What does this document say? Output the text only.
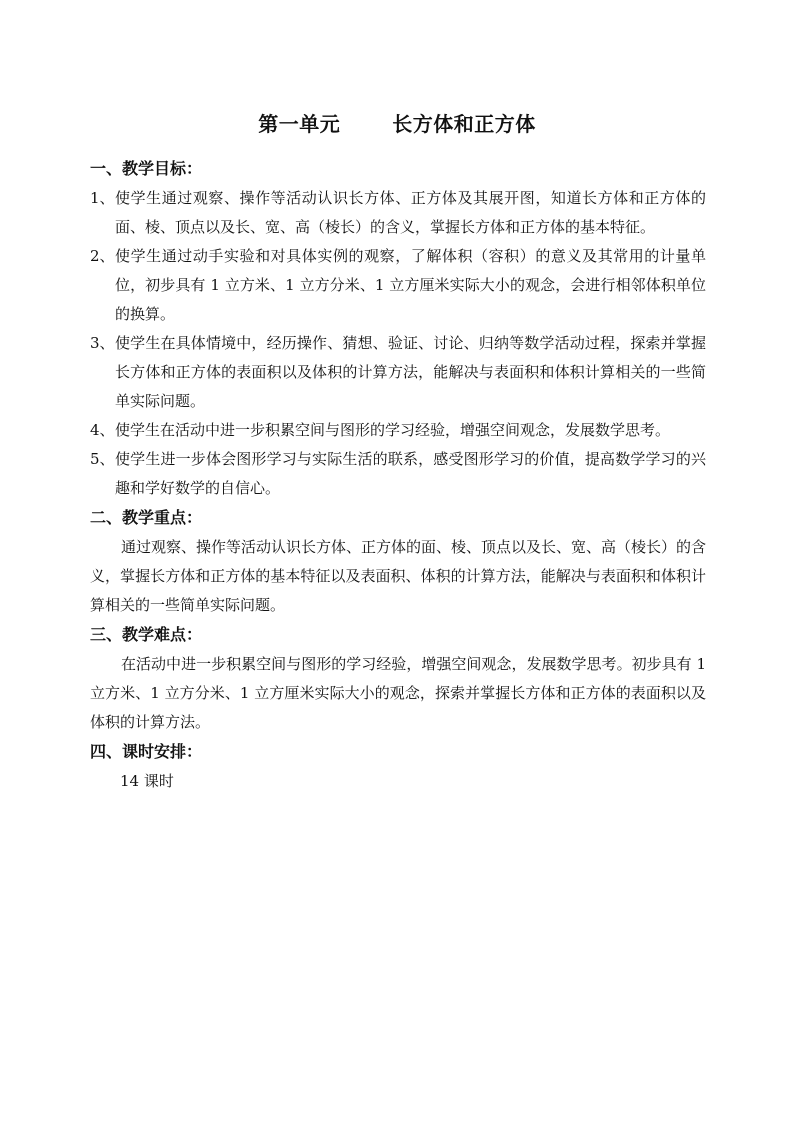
第一单元	长方体和正方体
一、教学目标：
1、 使学生通过观察、操作等活动认识长方体、正方体及其展开图，知道长方体和正方体的面、棱、顶点以及长、宽、高（棱长）的含义，掌握长方体和正方体的基本特征。
2、 使学生通过动手实验和对具体实例的观察，了解体积（容积）的意义及其常用的计量单位，初步具有 1 立方米、1 立方分米、1 立方厘米实际大小的观念，会进行相邻体积单位的换算。
3、 使学生在具体情境中，经历操作、猜想、验证、讨论、归纳等数学活动过程，探索并掌握长方体和正方体的表面积以及体积的计算方法，能解决与表面积和体积计算相关的一些简单实际问题。
4、 使学生在活动中进一步积累空间与图形的学习经验，增强空间观念，发展数学思考。
5、 使学生进一步体会图形学习与实际生活的联系，感受图形学习的价值，提高数学学习的兴趣和学好数学的自信心。
二、教学重点：
通过观察、操作等活动认识长方体、正方体的面、棱、顶点以及长、宽、高（棱长）的含义，掌握长方体和正方体的基本特征以及表面积、体积的计算方法，能解决与表面积和体积计算相关的一些简单实际问题。
三、教学难点：
在活动中进一步积累空间与图形的学习经验，增强空间观念，发展数学思考。初步具有 1 立方米、1 立方分米、1 立方厘米实际大小的观念，探索并掌握长方体和正方体的表面积以及体积的计算方法。
四、课时安排：
14 课时
